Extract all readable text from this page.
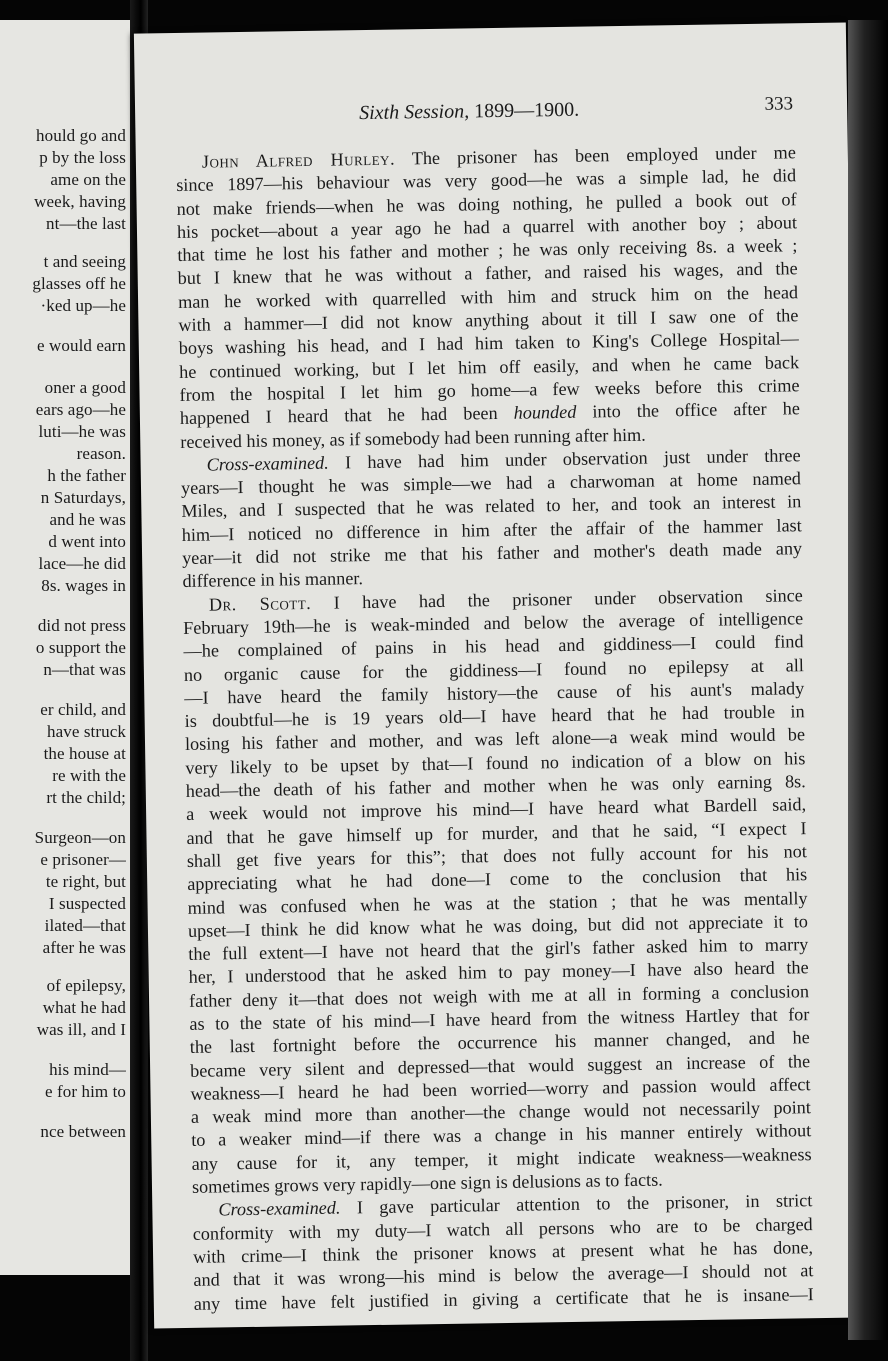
hould go and
p by the loss
ame on the
week, having
nt—the last
t and seeing
glasses off he
·ked up—he
e would earn
oner a good
ears ago—he
luti—he was
reason.
h the father
n Saturdays,
and he was
d went into
lace—he did
8s. wages in
did not press
o support the
n—that was
er child, and
have struck
the house at
re with the
rt the child;
Surgeon—on
e prisoner—
te right, but
I suspected
ilated—that
after he was
of epilepsy,
what he had
was ill, and I
his mind—
e for him to
nce between
Sixth Session, 1899—1900.	333
John Alfred Hurley. The prisoner has been employed under me
since 1897—his behaviour was very good—he was a simple lad, he did
not make friends—when he was doing nothing, he pulled a book out of
his pocket—about a year ago he had a quarrel with another boy ; about
that time he lost his father and mother ; he was only receiving 8s. a week ;
but I knew that he was without a father, and raised his wages, and the
man he worked with quarrelled with him and struck him on the head
with a hammer—I did not know anything about it till I saw one of the
boys washing his head, and I had him taken to King's College Hospital—
he continued working, but I let him off easily, and when he came back
from the hospital I let him go home—a few weeks before this crime
happened I heard that he had been hounded into the office after he
received his money, as if somebody had been running after him.
Cross-examined. I have had him under observation just under three
years—I thought he was simple—we had a charwoman at home named
Miles, and I suspected that he was related to her, and took an interest in
him—I noticed no difference in him after the affair of the hammer last
year—it did not strike me that his father and mother's death made any
difference in his manner.
Dr. Scott. I have had the prisoner under observation since
February 19th—he is weak-minded and below the average of intelligence
—he complained of pains in his head and giddiness—I could find
no organic cause for the giddiness—I found no epilepsy at all
—I have heard the family history—the cause of his aunt's malady
is doubtful—he is 19 years old—I have heard that he had trouble in
losing his father and mother, and was left alone—a weak mind would be
very likely to be upset by that—I found no indication of a blow on his
head—the death of his father and mother when he was only earning 8s.
a week would not improve his mind—I have heard what Bardell said,
and that he gave himself up for murder, and that he said, “I expect I
shall get five years for this”; that does not fully account for his not
appreciating what he had done—I come to the conclusion that his
mind was confused when he was at the station ; that he was mentally
upset—I think he did know what he was doing, but did not appreciate it to
the full extent—I have not heard that the girl's father asked him to marry
her, I understood that he asked him to pay money—I have also heard the
father deny it—that does not weigh with me at all in forming a conclusion
as to the state of his mind—I have heard from the witness Hartley that for
the last fortnight before the occurrence his manner changed, and he
became very silent and depressed—that would suggest an increase of the
weakness—I heard he had been worried—worry and passion would affect
a weak mind more than another—the change would not necessarily point
to a weaker mind—if there was a change in his manner entirely without
any cause for it, any temper, it might indicate weakness—weakness
sometimes grows very rapidly—one sign is delusions as to facts.
Cross-examined. I gave particular attention to the prisoner, in strict
conformity with my duty—I watch all persons who are to be charged
with crime—I think the prisoner knows at present what he has done,
and that it was wrong—his mind is below the average—I should not at
any time have felt justified in giving a certificate that he is insane—I
